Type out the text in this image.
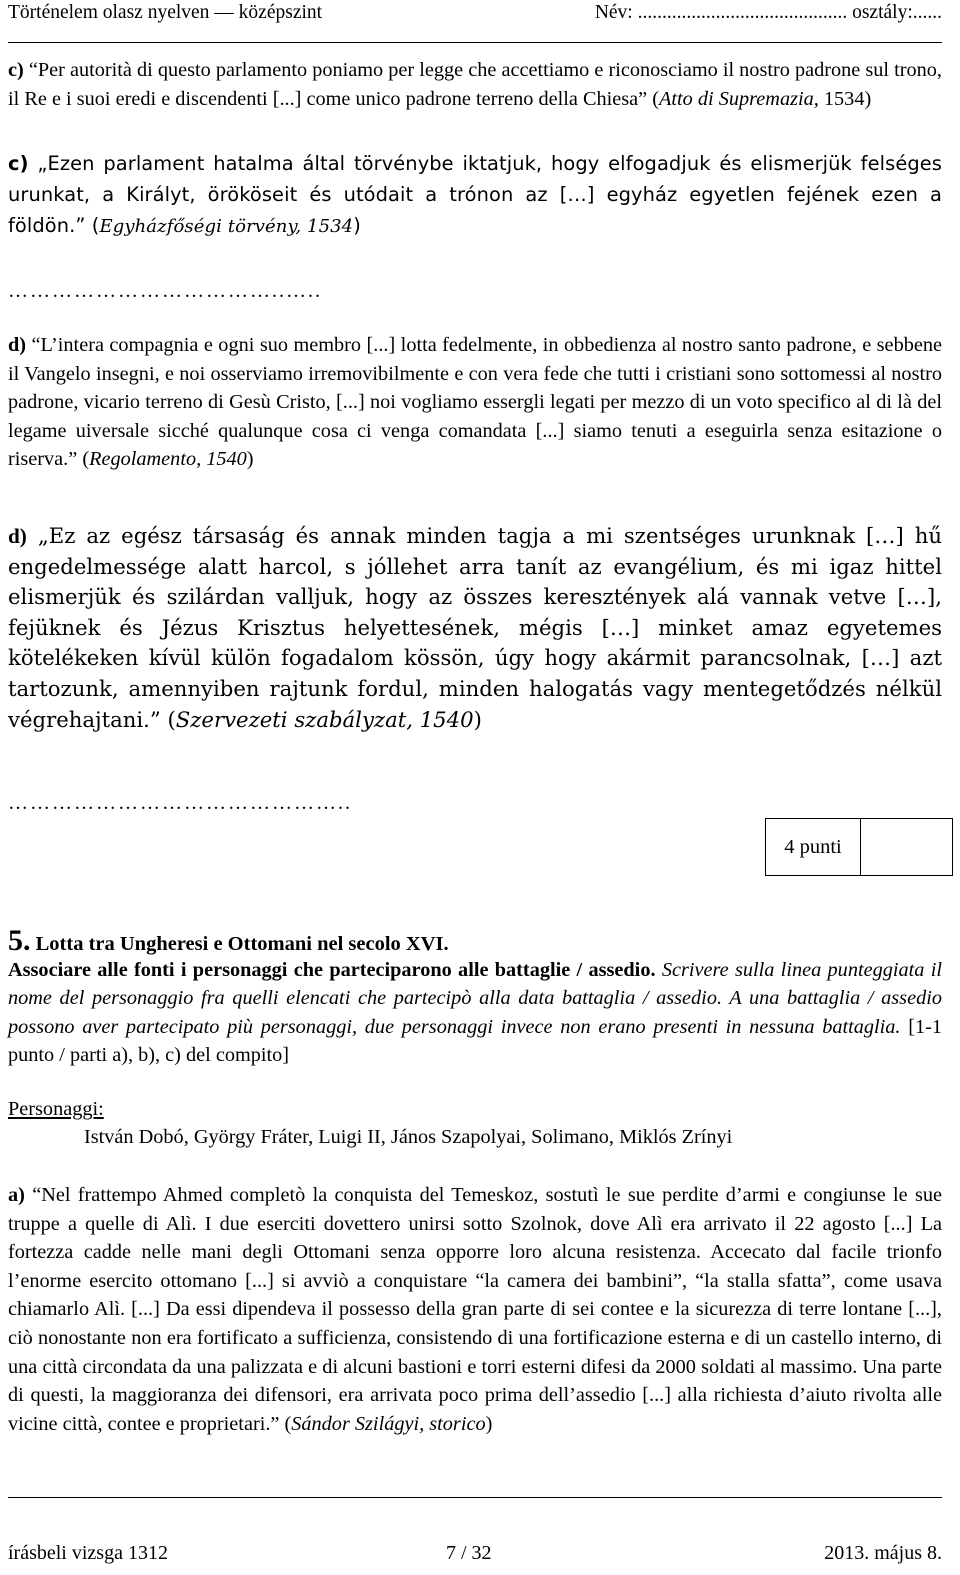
Történelem olasz nyelven — középszint	Név: ........................................... osztály:......
c) “Per autorità di questo parlamento poniamo per legge che accettiamo e riconosciamo il nostro padrone sul trono, il Re e i suoi eredi e discendenti [...] come unico padrone terreno della Chiesa” (Atto di Supremazia, 1534)
c) „Ezen parlament hatalma által törvénybe iktatjuk, hogy elfogadjuk és elismerjük felséges urunkat, a Királyt, örököseit és utódait a trónon az […] egyház egyetlen fejének ezen a földön.” (Egyházfőségi törvény, 1534)
………………………………..…..
d) “L’intera compagnia e ogni suo membro [...] lotta fedelmente, in obbedienza al nostro santo padrone, e sebbene il Vangelo insegni, e noi osserviamo irremovibilmente e con vera fede che tutti i cristiani sono sottomessi al nostro padrone, vicario terreno di Gesù Cristo, [...] noi vogliamo essergli legati per mezzo di un voto specifico al di là del legame uiversale sicché qualunque cosa ci venga comandata [...] siamo tenuti a eseguirla senza esitazione o riserva.” (Regolamento, 1540)
d) „Ez az egész társaság és annak minden tagja a mi szentséges urunknak […] hű engedelmessége alatt harcol, s jóllehet arra tanít az evangélium, és mi igaz hittel elismerjük és szilárdan valljuk, hogy az összes keresztények alá vannak vetve […], fejüknek és Jézus Krisztus helyettesének, mégis […] minket amaz egyetemes kötelékeken kívül külön fogadalom kössön, úgy hogy akármit parancsolnak, […] azt tartozunk, amennyiben rajtunk fordul, minden halogatás vagy mentegetődzés nélkül végrehajtani.” (Szervezeti szabályzat, 1540)
………………………………………..
4 punti
5. Lotta tra Ungheresi e Ottomani nel secolo XVI.
Associare alle fonti i personaggi che parteciparono alle battaglie / assedio. Scrivere sulla linea punteggiata il nome del personaggio fra quelli elencati che partecipò alla data battaglia / assedio. A una battaglia / assedio possono aver partecipato più personaggi, due personaggi invece non erano presenti in nessuna battaglia. [1-1 punto / parti a), b), c) del compito]
Personaggi:
István Dobó, György Fráter, Luigi II, János Szapolyai, Solimano, Miklós Zrínyi
a) “Nel frattempo Ahmed completò la conquista del Temeskoz, sostutì le sue perdite d’armi e congiunse le sue truppe a quelle di Alì. I due eserciti dovettero unirsi sotto Szolnok, dove Alì era arrivato il 22 agosto [...] La fortezza cadde nelle mani degli Ottomani senza opporre loro alcuna resistenza. Accecato dal facile trionfo l’enorme esercito ottomano [...] si avviò a conquistare “la camera dei bambini”, “la stalla sfatta”, come usava chiamarlo Alì. [...] Da essi dipendeva il possesso della gran parte di sei contee e la sicurezza di terre lontane [...], ciò nonostante non era fortificato a sufficienza, consistendo di una fortificazione esterna e di un castello interno, di una città circondata da una palizzata e di alcuni bastioni e torri esterni difesi da 2000 soldati al massimo. Una parte di questi, la maggioranza dei difensori, era arrivata poco prima dell’assedio [...] alla richiesta d’aiuto rivolta alle vicine città, contee e proprietari.” (Sándor Szilágyi, storico)
írásbeli vizsga 1312	7 / 32	2013. május 8.
